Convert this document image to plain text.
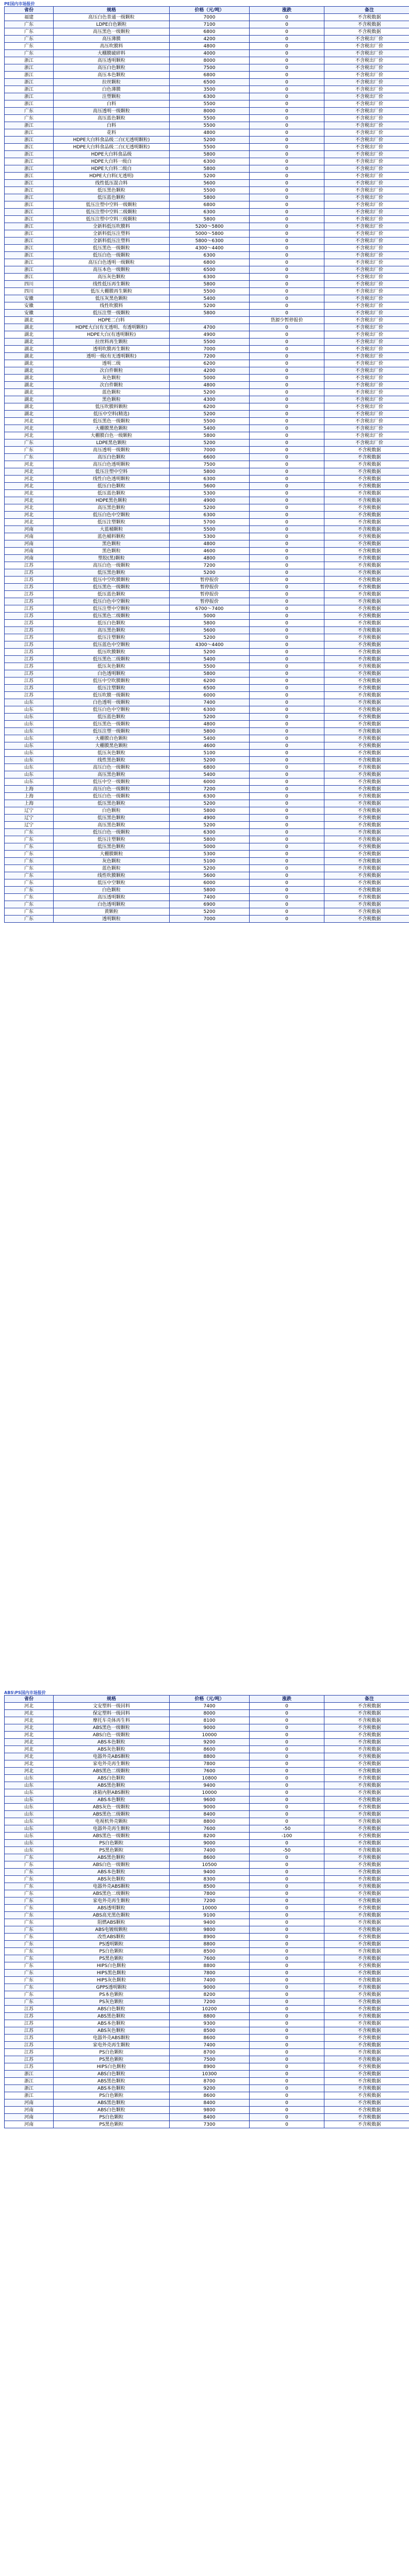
PE国内市场报价
省份	规格	价格（元/吨）	涨跌	备注
福建	高压白色普通一级颗粒	7000	0	不含税数据
广东	LDPE白色颗粒	7100	0	不含税数据
广东	高压黑色一级颗粒	6800	0	不含税数据
广东	高压薄膜	4200	0	不含税出厂价
广东	高压吹膜料	4800	0	不含税出厂价
广东	大棚膜破碎料	4000	0	不含税出厂价
浙江	高压透明颗粒	8000	0	不含税出厂价
浙江	高压白色颗粒	7500	0	不含税出厂价
浙江	高压本色颗粒	6800	0	不含税出厂价
浙江	拉丝颗粒	6500	0	不含税出厂价
浙江	白色薄膜	3500	0	不含税出厂价
浙江	注塑颗粒	6300	0	不含税出厂价
浙江	白料	5500	0	不含税出厂价
广东	高压透明一级颗粒	8000	0	不含税出厂价
广东	高压蓝色颗粒	5500	0	不含税出厂价
浙江	白料	5500	0	不含税出厂价
浙江	花料	4800	0	不含税出厂价
浙江	HDPE大白料食品级二白(无透明颗粒)	5200	0	不含税出厂价
浙江	HDPE大白料食品级二白(无透明颗粒)	5500	0	不含税出厂价
浙江	HDPE大白料食品级	5800	0	不含税出厂价
浙江	HDPE大白料一级白	6300	0	不含税出厂价
浙江	HDPE大白料二级白	5800	0	不含税出厂价
浙江	HDPE大白料(无透明)	5200	0	不含税出厂价
浙江	线性低压混合料	5600	0	不含税出厂价
浙江	低压黑色颗粒	5500	0	不含税出厂价
浙江	低压蓝色颗粒	5800	0	不含税出厂价
浙江	低压注塑中空料一级颗粒	6800	0	不含税出厂价
浙江	低压注塑中空料二级颗粒	6300	0	不含税出厂价
浙江	低压注塑中空料三级颗粒	5800	0	不含税出厂价
浙江	全新料低压吹膜料	5200～5800	0	不含税出厂价
浙江	全新料低压注塑料	5000～5800	0	不含税出厂价
浙江	全新料低压注塑料	5800～6300	0	不含税出厂价
浙江	低压黑色一级颗粒	4300～4400	0	不含税出厂价
浙江	低压白色一级颗粒	6300	0	不含税出厂价
浙江	高压白色透明一级颗粒	6800	0	不含税出厂价
浙江	高压本色一级颗粒	6500	0	不含税出厂价
浙江	高压灰色颗粒	6300	0	不含税出厂价
四川	线性低压再生颗粒	5800	0	不含税出厂价
四川	低压大棚膜再生颗粒	5500	0	不含税出厂价
安徽	低压灰黑色颗粒	5400	0	不含税出厂价
安徽	线性吹膜料	5200	0	不含税出厂价
安徽	低压注塑一级颗粒	5800	0	不含税出厂价
湖北	HDPE二白料		货源少暂停报价	不含税出厂价
湖北	HDPE大白(有无透明、有透明颗粒)	4700	0	不含税出厂价
湖北	HDPE大白(有透明颗粒)	4900	0	不含税出厂价
湖北	拉丝料再生颗粒	5500	0	不含税出厂价
湖北	透明吹膜再生颗粒	7000	0	不含税出厂价
湖北	透明一级(有无透明颗粒)	7200	0	不含税出厂价
湖北	透明二级	6200	0	不含税出厂价
湖北	次白件颗粒	4200	0	不含税出厂价
湖北	灰色颗粒	5000	0	不含税出厂价
湖北	次白件颗粒	4800	0	不含税出厂价
湖北	蓝色颗粒	5200	0	不含税出厂价
湖北	黑色颗粒	4300	0	不含税出厂价
湖北	低压吹膜料颗粒	6200	0	不含税出厂价
湖北	低压中空料(精选)	5200	0	不含税出厂价
河北	低压黑色一级颗粒	5500	0	不含税出厂价
河北	大棚膜黑色颗粒	5400	0	不含税出厂价
河北	大棚膜白色一级颗粒	5800	0	不含税出厂价
广东	LDPE黑色颗粒	5200	0	不含税出厂价
广东	高压透明一级颗粒	7000	0	不含税数据
广东	高压白色颗粒	6600	0	不含税数据
河北	高压白色透明颗粒	7500	0	不含税数据
河北	低压注塑中空料	5800	0	不含税数据
河北	线性白色透明颗粒	6300	0	不含税数据
河北	低压白色颗粒	5600	0	不含税数据
河北	低压蓝色颗粒	5300	0	不含税数据
河北	HDPE黑色颗粒	4900	0	不含税数据
河北	高压黑色颗粒	5200	0	不含税数据
河北	低压白色中空颗粒	6300	0	不含税数据
河北	低压注塑颗粒	5700	0	不含税数据
河南	大蓝桶颗粒	5500	0	不含税数据
河南	蓝色桶料颗粒	5300	0	不含税数据
河南	黑色颗粒	4800	0	不含税数据
河南	黑色颗粒	4600	0	不含税数据
河南	塑胶(黑)颗粒	4800	0	不含税数据
江苏	高压白色一级颗粒	7200	0	不含税数据
江苏	低压黑色颗粒	5200	0	不含税数据
江苏	低压中空吹膜颗粒	暂停报价	0	不含税数据
江苏	低压黑色一级颗粒	暂停报价	0	不含税数据
江苏	低压蓝色颗粒	暂停报价	0	不含税数据
江苏	低压白色中空颗粒	暂停报价	0	不含税数据
江苏	低压注塑中空颗粒	6700～7400	0	不含税数据
江苏	低压黑色二级颗粒	5000	0	不含税数据
江苏	低压白色颗粒	5800	0	不含税数据
江苏	高压黑色颗粒	5600	0	不含税数据
江苏	低压注塑颗粒	5200	0	不含税数据
江苏	低压蓝色中空颗粒	4300～4400	0	不含税数据
江苏	低压吹膜颗粒	5200	0	不含税数据
江苏	低压黑色二级颗粒	5400	0	不含税数据
江苏	低压灰色颗粒	5500	0	不含税数据
江苏	白色透明颗粒	5800	0	不含税数据
江苏	低压中空吹膜颗粒	6200	0	不含税数据
江苏	低压注塑颗粒	6500	0	不含税数据
江苏	低压吹膜一级颗粒	6000	0	不含税数据
山东	白色透明一级颗粒	7400	0	不含税数据
山东	低压白色中空颗粒	6300	0	不含税数据
山东	低压蓝色颗粒	5200	0	不含税数据
山东	低压黑色一级颗粒	4800	0	不含税数据
山东	低压注塑一级颗粒	5800	0	不含税数据
山东	大棚膜白色颗粒	5400	0	不含税数据
山东	大棚膜黑色颗粒	4600	0	不含税数据
山东	低压灰色颗粒	5100	0	不含税数据
山东	线性黑色颗粒	5200	0	不含税数据
山东	高压白色一级颗粒	6800	0	不含税数据
山东	高压黑色颗粒	5400	0	不含税数据
山东	低压中空一级颗粒	6000	0	不含税数据
上海	高压白色一级颗粒	7200	0	不含税数据
上海	低压白色一级颗粒	6300	0	不含税数据
上海	低压黑色颗粒	5200	0	不含税数据
辽宁	白色颗粒	5800	0	不含税数据
辽宁	低压黑色颗粒	4900	0	不含税数据
辽宁	高压黑色颗粒	5200	0	不含税数据
广东	低压白色一级颗粒	6300	0	不含税数据
广东	低压注塑颗粒	5800	0	不含税数据
广东	低压黑色颗粒	5000	0	不含税数据
广东	大棚膜颗粒	5300	0	不含税数据
广东	灰色颗粒	5100	0	不含税数据
广东	蓝色颗粒	5200	0	不含税数据
广东	线性吹膜颗粒	5600	0	不含税数据
广东	低压中空颗粒	6000	0	不含税数据
广东	白色颗粒	5800	0	不含税数据
广东	高压透明颗粒	7400	0	不含税数据
广东	白色透明颗粒	6900	0	不含税数据
广东	黄颗粒	5200	0	不含税数据
广东	透明颗粒	7000	0	不含税数据
ABS\PS国内市场报价
省份	规格	价格（元/吨）	涨跌	备注
河北	文安塑料一级回料	7400	0	不含税数据
河北	保定塑料一级回料	8000	0	不含税数据
河北	摩托车壳体再生料	8100	0	不含税数据
河北	ABS黑色一级颗粒	9000	0	不含税数据
河北	ABS白色一级颗粒	10000	0	不含税数据
河北	ABS本色颗粒	9200	0	不含税数据
河北	ABS灰色颗粒	8600	0	不含税数据
河北	电器外壳ABS颗粒	8800	0	不含税数据
河北	家电外壳再生颗粒	7800	0	不含税数据
河北	ABS黑色二级颗粒	7600	0	不含税数据
山东	ABS白色颗粒	10800	0	不含税数据
山东	ABS黑色颗粒	9400	0	不含税数据
山东	冰箱内胆ABS颗粒	10000	0	不含税数据
山东	ABS本色颗粒	9600	0	不含税数据
山东	ABS灰色一级颗粒	9000	0	不含税数据
山东	ABS黑色二级颗粒	8400	0	不含税数据
山东	电视机外壳颗粒	8800	0	不含税数据
山东	电器外壳再生颗粒	7600	-50	不含税数据
山东	ABS黑色一级颗粒	8200	-100	不含税数据
山东	PS白色颗粒	9000	0	不含税数据
山东	PS黑色颗粒	7400	-50	不含税数据
广东	ABS黑色颗粒	8600	0	不含税数据
广东	ABS白色一级颗粒	10500	0	不含税数据
广东	ABS本色颗粒	9400	0	不含税数据
广东	ABS灰色颗粒	8300	0	不含税数据
广东	电器外壳ABS颗粒	8500	0	不含税数据
广东	ABS黑色二级颗粒	7800	0	不含税数据
广东	家电外壳再生颗粒	7200	0	不含税数据
广东	ABS透明颗粒	10000	0	不含税数据
广东	ABS高光黑色颗粒	9100	0	不含税数据
广东	阻燃ABS颗粒	9400	0	不含税数据
广东	ABS电镀级颗粒	9800	0	不含税数据
广东	改性ABS颗粒	8900	0	不含税数据
广东	PS透明颗粒	8800	0	不含税数据
广东	PS白色颗粒	8500	0	不含税数据
广东	PS黑色颗粒	7600	0	不含税数据
广东	HIPS白色颗粒	8800	0	不含税数据
广东	HIPS黑色颗粒	7800	0	不含税数据
广东	HIPS灰色颗粒	7400	0	不含税数据
广东	GPPS透明颗粒	9000	0	不含税数据
广东	PS本色颗粒	8200	0	不含税数据
广东	PS灰色颗粒	7200	0	不含税数据
江苏	ABS白色颗粒	10200	0	不含税数据
江苏	ABS黑色颗粒	8800	0	不含税数据
江苏	ABS本色颗粒	9300	0	不含税数据
江苏	ABS灰色颗粒	8500	0	不含税数据
江苏	电器外壳ABS颗粒	8600	0	不含税数据
江苏	家电外壳再生颗粒	7400	0	不含税数据
江苏	PS白色颗粒	8700	0	不含税数据
江苏	PS黑色颗粒	7500	0	不含税数据
江苏	HIPS白色颗粒	8900	0	不含税数据
浙江	ABS白色颗粒	10300	0	不含税数据
浙江	ABS黑色颗粒	8700	0	不含税数据
浙江	ABS本色颗粒	9200	0	不含税数据
浙江	PS白色颗粒	8600	0	不含税数据
河南	ABS黑色颗粒	8400	0	不含税数据
河南	ABS白色颗粒	9800	0	不含税数据
河南	PS白色颗粒	8400	0	不含税数据
河南	PS黑色颗粒	7300	0	不含税数据
